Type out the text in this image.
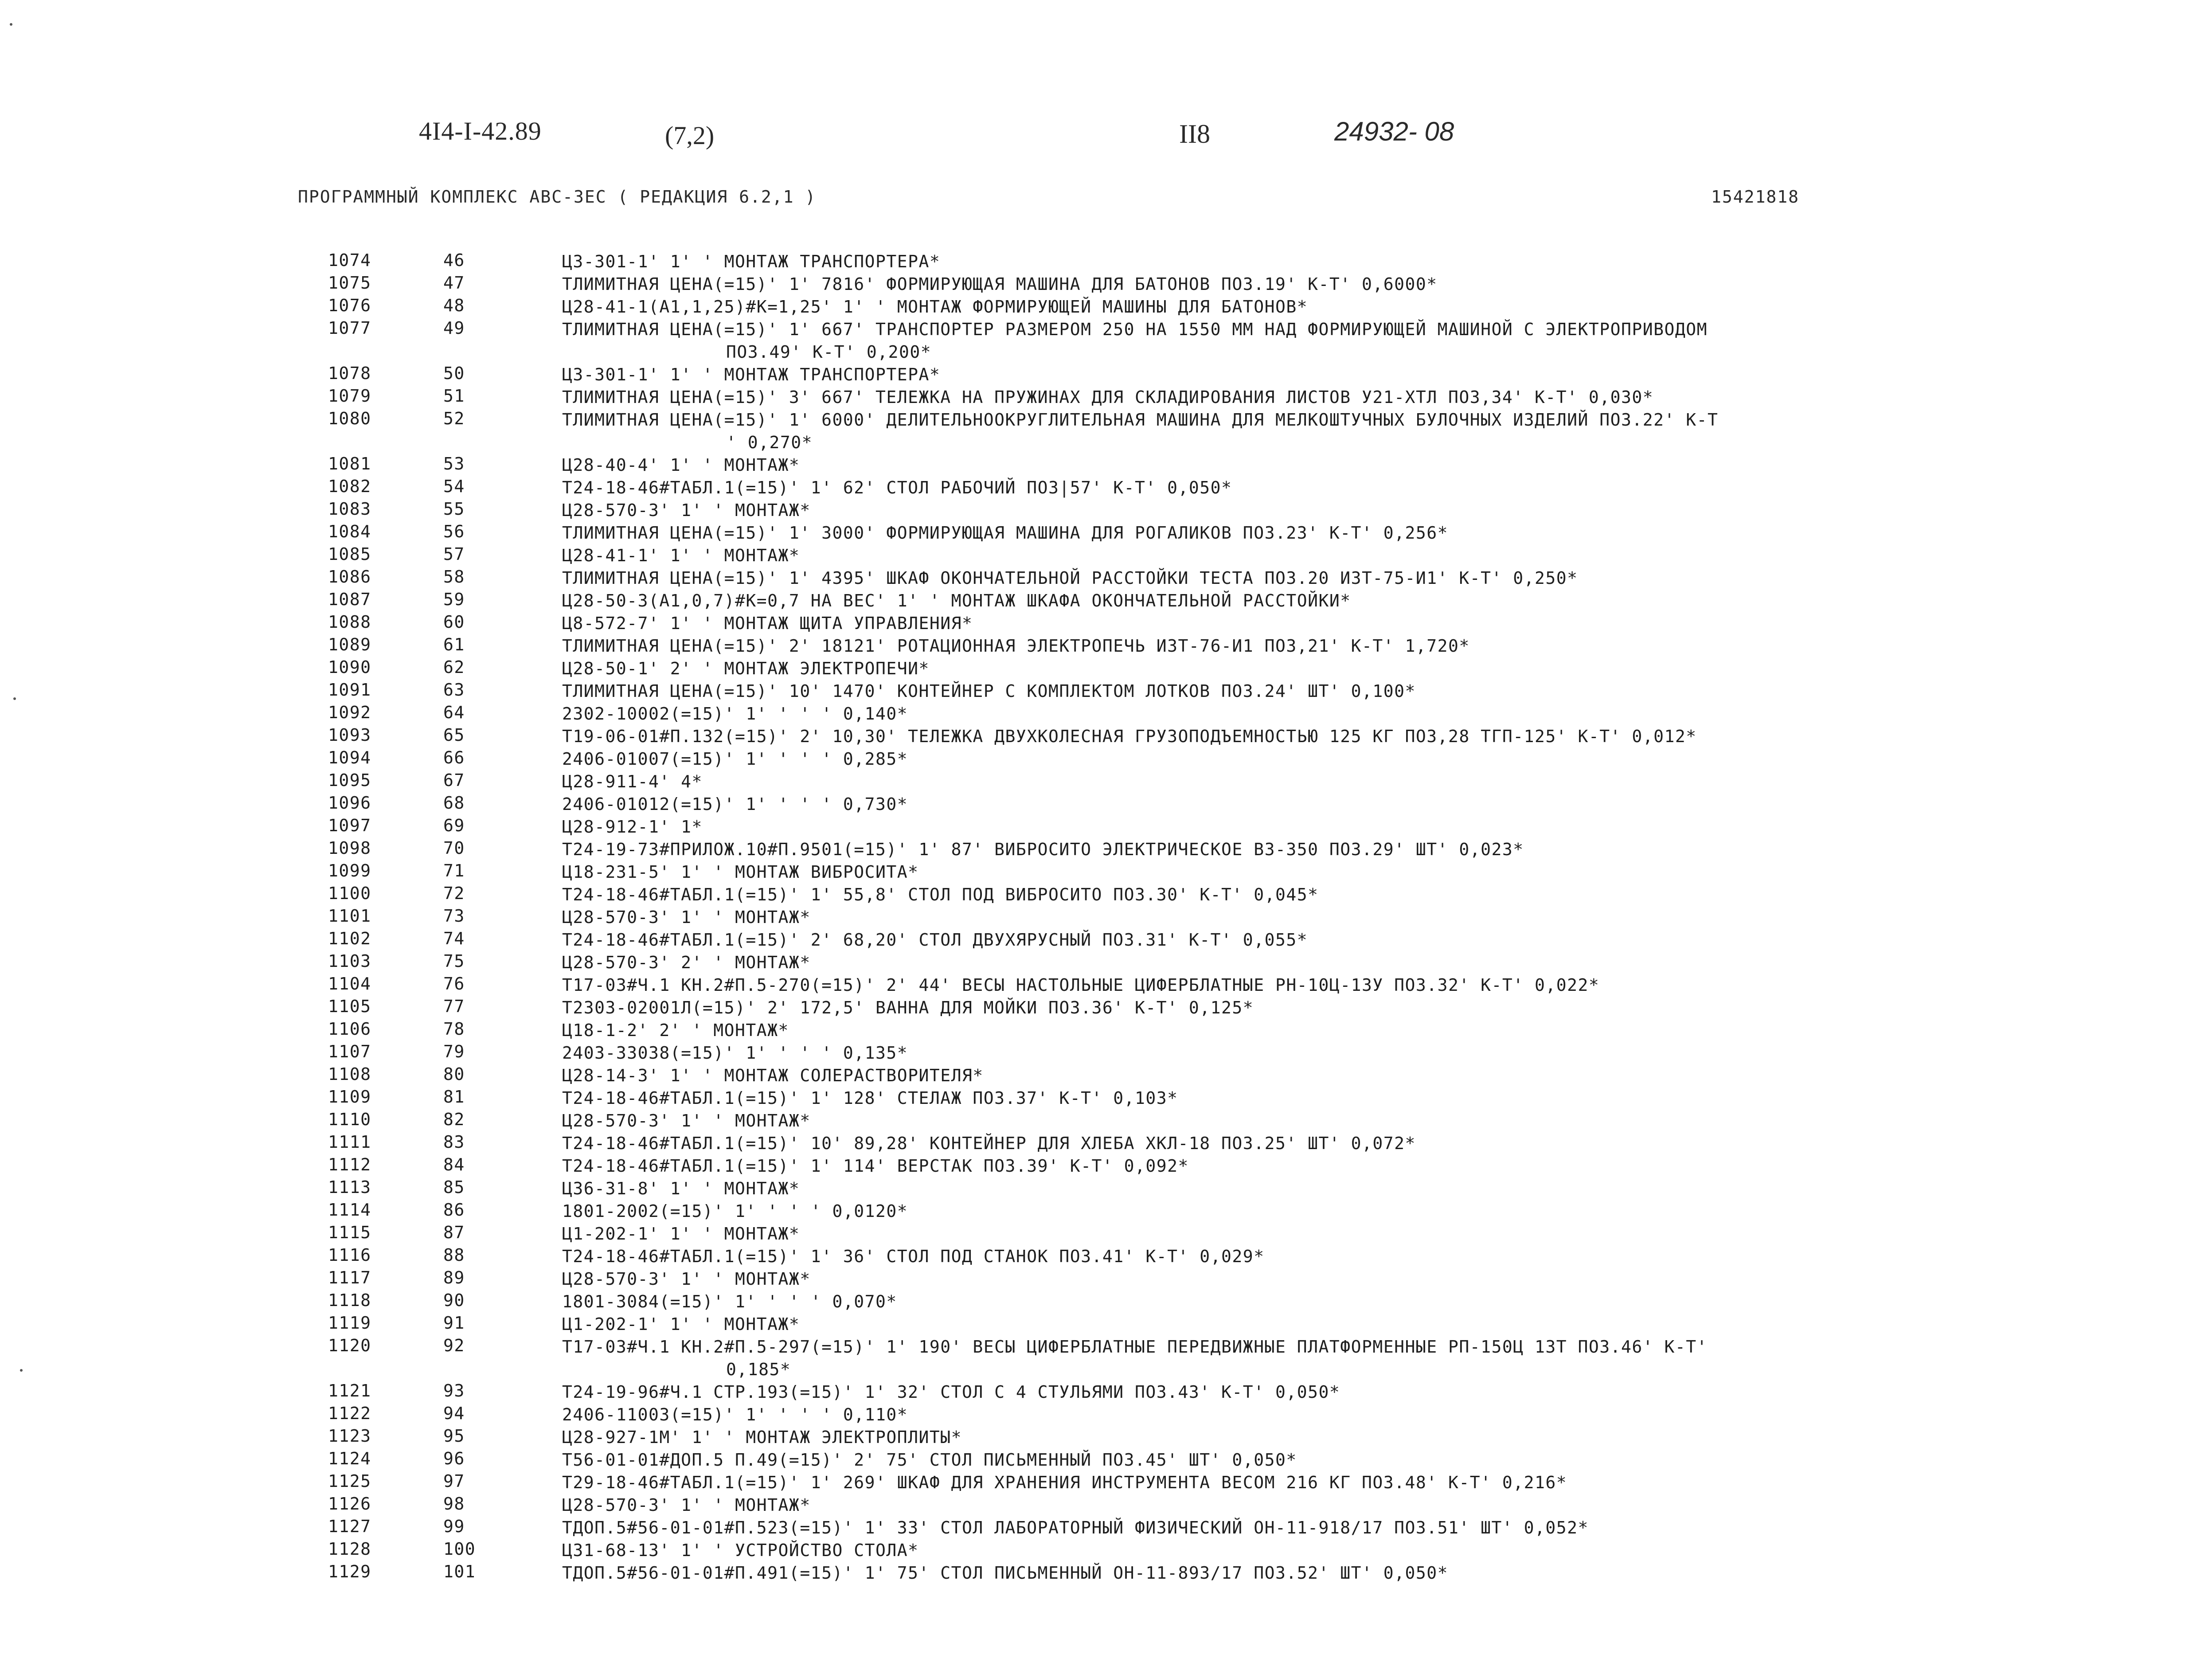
4I4-I-42.89	(7,2)	II8	24932- 08
ПРОГРАММНЫЙ КОМПЛЕКС АВС-3ЕС ( РЕДАКЦИЯ 6.2,1 )	15421818
1074	46	Ц3-301-1' 1' ' МОНТАЖ ТРАНСПОРТЕРА*
1075	47	ТЛИМИТНАЯ ЦЕНА(=15)' 1' 7816' ФОРМИРУЮЩАЯ МАШИНА ДЛЯ БАТОНОВ ПОЗ.19' К-Т' 0,6000*
1076	48	Ц28-41-1(А1,1,25)#К=1,25' 1' ' МОНТАЖ ФОРМИРУЮЩЕЙ МАШИНЫ ДЛЯ БАТОНОВ*
1077	49	ТЛИМИТНАЯ ЦЕНА(=15)' 1' 667' ТРАНСПОРТЕР РАЗМЕРОМ 250 НА 1550 ММ НАД ФОРМИРУЮЩЕЙ МАШИНОЙ С ЭЛЕКТРОПРИВОДОМ
ПОЗ.49' К-Т' 0,200*
1078	50	Ц3-301-1' 1' ' МОНТАЖ ТРАНСПОРТЕРА*
1079	51	ТЛИМИТНАЯ ЦЕНА(=15)' 3' 667' ТЕЛЕЖКА НА ПРУЖИНАХ ДЛЯ СКЛАДИРОВАНИЯ ЛИСТОВ У21-ХТЛ ПОЗ,34' К-Т' 0,030*
1080	52	ТЛИМИТНАЯ ЦЕНА(=15)' 1' 6000' ДЕЛИТЕЛЬНООКРУГЛИТЕЛЬНАЯ МАШИНА ДЛЯ МЕЛКОШТУЧНЫХ БУЛОЧНЫХ ИЗДЕЛИЙ ПОЗ.22' К-Т
' 0,270*
1081	53	Ц28-40-4' 1' ' МОНТАЖ*
1082	54	Т24-18-46#ТАБЛ.1(=15)' 1' 62' СТОЛ РАБОЧИЙ ПОЗ|57' К-Т' 0,050*
1083	55	Ц28-570-3' 1' ' МОНТАЖ*
1084	56	ТЛИМИТНАЯ ЦЕНА(=15)' 1' 3000' ФОРМИРУЮЩАЯ МАШИНА ДЛЯ РОГАЛИКОВ ПОЗ.23' К-Т' 0,256*
1085	57	Ц28-41-1' 1' ' МОНТАЖ*
1086	58	ТЛИМИТНАЯ ЦЕНА(=15)' 1' 4395' ШКАФ ОКОНЧАТЕЛЬНОЙ РАССТОЙКИ ТЕСТА ПОЗ.20 ИЗТ-75-И1' К-Т' 0,250*
1087	59	Ц28-50-3(А1,0,7)#К=0,7 НА ВЕС' 1' ' МОНТАЖ ШКАФА ОКОНЧАТЕЛЬНОЙ РАССТОЙКИ*
1088	60	Ц8-572-7' 1' ' МОНТАЖ ЩИТА УПРАВЛЕНИЯ*
1089	61	ТЛИМИТНАЯ ЦЕНА(=15)' 2' 18121' РОТАЦИОННАЯ ЭЛЕКТРОПЕЧЬ ИЗТ-76-И1 ПОЗ,21' К-Т' 1,720*
1090	62	Ц28-50-1' 2' ' МОНТАЖ ЭЛЕКТРОПЕЧИ*
1091	63	ТЛИМИТНАЯ ЦЕНА(=15)' 10' 1470' КОНТЕЙНЕР С КОМПЛЕКТОМ ЛОТКОВ ПОЗ.24' ШТ' 0,100*
1092	64	2302-10002(=15)' 1' ' ' ' 0,140*
1093	65	Т19-06-01#П.132(=15)' 2' 10,30' ТЕЛЕЖКА ДВУХКОЛЕСНАЯ ГРУЗОПОДЪЕМНОСТЬЮ 125 КГ ПОЗ,28 ТГП-125' К-Т' 0,012*
1094	66	2406-01007(=15)' 1' ' ' ' 0,285*
1095	67	Ц28-911-4' 4*
1096	68	2406-01012(=15)' 1' ' ' ' 0,730*
1097	69	Ц28-912-1' 1*
1098	70	Т24-19-73#ПРИЛОЖ.10#П.9501(=15)' 1' 87' ВИБРОСИТО ЭЛЕКТРИЧЕСКОЕ В3-350 ПОЗ.29' ШТ' 0,023*
1099	71	Ц18-231-5' 1' ' МОНТАЖ ВИБРОСИТА*
1100	72	Т24-18-46#ТАБЛ.1(=15)' 1' 55,8' СТОЛ ПОД ВИБРОСИТО ПОЗ.30' К-Т' 0,045*
1101	73	Ц28-570-3' 1' ' МОНТАЖ*
1102	74	Т24-18-46#ТАБЛ.1(=15)' 2' 68,20' СТОЛ ДВУХЯРУСНЫЙ ПОЗ.31' К-Т' 0,055*
1103	75	Ц28-570-3' 2' ' МОНТАЖ*
1104	76	Т17-03#Ч.1 КН.2#П.5-270(=15)' 2' 44' ВЕСЫ НАСТОЛЬНЫЕ ЦИФЕРБЛАТНЫЕ РН-10Ц-13У ПОЗ.32' К-Т' 0,022*
1105	77	Т2303-02001Л(=15)' 2' 172,5' ВАННА ДЛЯ МОЙКИ ПОЗ.36' К-Т' 0,125*
1106	78	Ц18-1-2' 2' ' МОНТАЖ*
1107	79	2403-33038(=15)' 1' ' ' ' 0,135*
1108	80	Ц28-14-3' 1' ' МОНТАЖ СОЛЕРАСТВОРИТЕЛЯ*
1109	81	Т24-18-46#ТАБЛ.1(=15)' 1' 128' СТЕЛАЖ ПОЗ.37' К-Т' 0,103*
1110	82	Ц28-570-3' 1' ' МОНТАЖ*
1111	83	Т24-18-46#ТАБЛ.1(=15)' 10' 89,28' КОНТЕЙНЕР ДЛЯ ХЛЕБА ХКЛ-18 ПОЗ.25' ШТ' 0,072*
1112	84	Т24-18-46#ТАБЛ.1(=15)' 1' 114' ВЕРСТАК ПОЗ.39' К-Т' 0,092*
1113	85	Ц36-31-8' 1' ' МОНТАЖ*
1114	86	1801-2002(=15)' 1' ' ' ' 0,0120*
1115	87	Ц1-202-1' 1' ' МОНТАЖ*
1116	88	Т24-18-46#ТАБЛ.1(=15)' 1' 36' СТОЛ ПОД СТАНОК ПОЗ.41' К-Т' 0,029*
1117	89	Ц28-570-3' 1' ' МОНТАЖ*
1118	90	1801-3084(=15)' 1' ' ' ' 0,070*
1119	91	Ц1-202-1' 1' ' МОНТАЖ*
1120	92	Т17-03#Ч.1 КН.2#П.5-297(=15)' 1' 190' ВЕСЫ ЦИФЕРБЛАТНЫЕ ПЕРЕДВИЖНЫЕ ПЛАТФОРМЕННЫЕ РП-150Ц 13Т ПОЗ.46' К-Т'
0,185*
1121	93	Т24-19-96#Ч.1 СТР.193(=15)' 1' 32' СТОЛ С 4 СТУЛЬЯМИ ПОЗ.43' К-Т' 0,050*
1122	94	2406-11003(=15)' 1' ' ' ' 0,110*
1123	95	Ц28-927-1М' 1' ' МОНТАЖ ЭЛЕКТРОПЛИТЫ*
1124	96	Т56-01-01#ДОП.5 П.49(=15)' 2' 75' СТОЛ ПИСЬМЕННЫЙ ПОЗ.45' ШТ' 0,050*
1125	97	Т29-18-46#ТАБЛ.1(=15)' 1' 269' ШКАФ ДЛЯ ХРАНЕНИЯ ИНСТРУМЕНТА ВЕСОМ 216 КГ ПОЗ.48' К-Т' 0,216*
1126	98	Ц28-570-3' 1' ' МОНТАЖ*
1127	99	ТДОП.5#56-01-01#П.523(=15)' 1' 33' СТОЛ ЛАБОРАТОРНЫЙ ФИЗИЧЕСКИЙ ОН-11-918/17 ПОЗ.51' ШТ' 0,052*
1128	100	Ц31-68-13' 1' ' УСТРОЙСТВО СТОЛА*
1129	101	ТДОП.5#56-01-01#П.491(=15)' 1' 75' СТОЛ ПИСЬМЕННЫЙ ОН-11-893/17 ПОЗ.52' ШТ' 0,050*
